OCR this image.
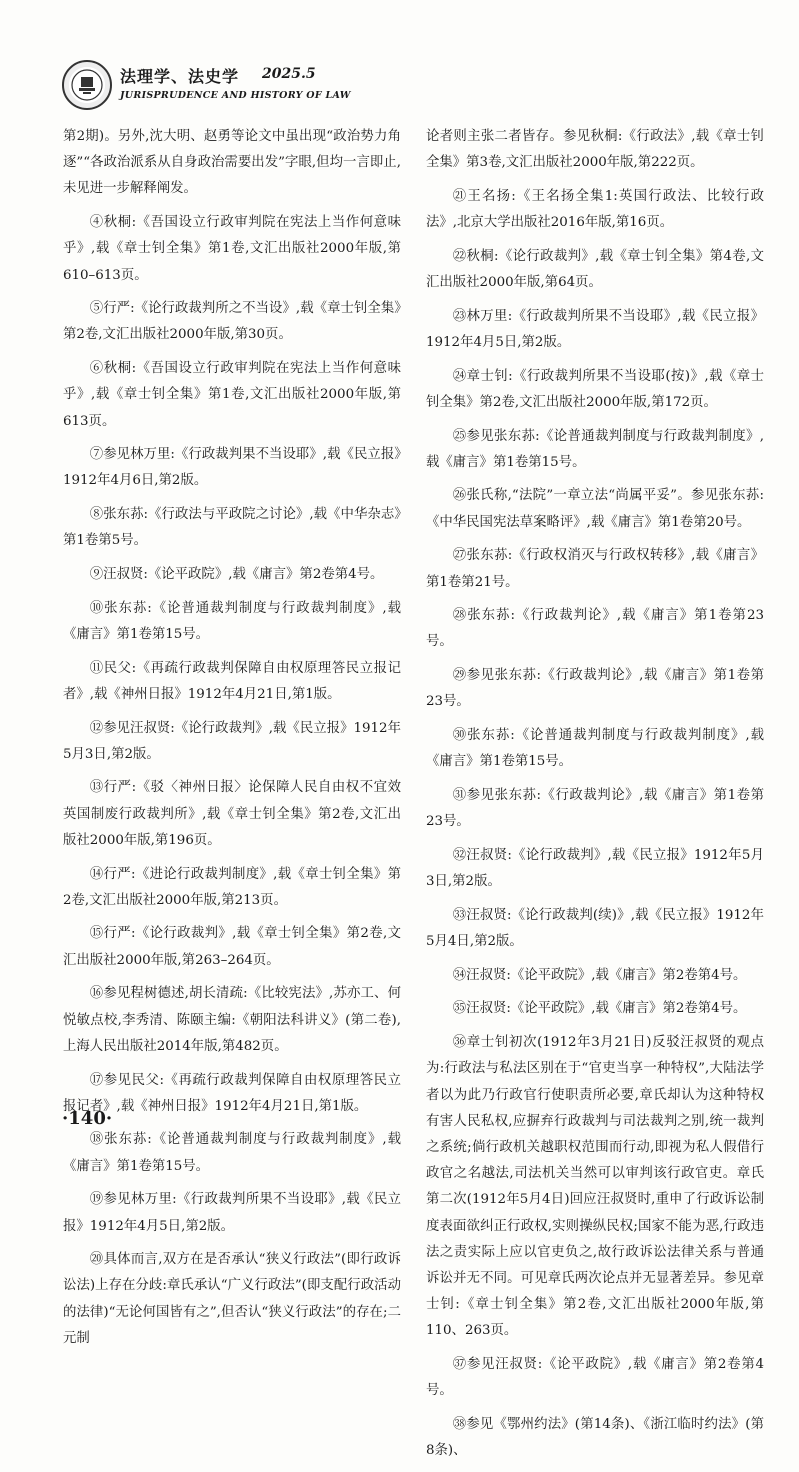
法理学、法史学 2025.5
JURISPRUDENCE AND HISTORY OF LAW

第2期)。另外,沈大明、赵勇等论文中虽出现“政治势力角逐”“各政治派系从自身政治需要出发”字眼,但均一言即止,未见进一步解释阐发。

④秋桐:《吾国设立行政审判院在宪法上当作何意味乎》,载《章士钊全集》第1卷,文汇出版社2000年版,第610–613页。

⑤行严:《论行政裁判所之不当设》,载《章士钊全集》第2卷,文汇出版社2000年版,第30页。

⑥秋桐:《吾国设立行政审判院在宪法上当作何意味乎》,载《章士钊全集》第1卷,文汇出版社2000年版,第613页。

⑦参见林万里:《行政裁判果不当设耶》,载《民立报》1912年4月6日,第2版。

⑧张东荪:《行政法与平政院之讨论》,载《中华杂志》第1卷第5号。

⑨汪叔贤:《论平政院》,载《庸言》第2卷第4号。

⑩张东荪:《论普通裁判制度与行政裁判制度》,载《庸言》第1卷第15号。

⑪民父:《再疏行政裁判保障自由权原理答民立报记者》,载《神州日报》1912年4月21日,第1版。

⑫参见汪叔贤:《论行政裁判》,载《民立报》1912年5月3日,第2版。

⑬行严:《驳〈神州日报〉论保障人民自由权不宜效英国制废行政裁判所》,载《章士钊全集》第2卷,文汇出版社2000年版,第196页。

⑭行严:《进论行政裁判制度》,载《章士钊全集》第2卷,文汇出版社2000年版,第213页。

⑮行严:《论行政裁判》,载《章士钊全集》第2卷,文汇出版社2000年版,第263–264页。

⑯参见程树德述,胡长清疏:《比较宪法》,苏亦工、何悦敏点校,李秀清、陈颐主编:《朝阳法科讲义》(第二卷),上海人民出版社2014年版,第482页。

⑰参见民父:《再疏行政裁判保障自由权原理答民立报记者》,载《神州日报》1912年4月21日,第1版。

⑱张东荪:《论普通裁判制度与行政裁判制度》,载《庸言》第1卷第15号。

⑲参见林万里:《行政裁判所果不当设耶》,载《民立报》1912年4月5日,第2版。

⑳具体而言,双方在是否承认“狭义行政法”(即行政诉讼法)上存在分歧:章氏承认“广义行政法”(即支配行政活动的法律)“无论何国皆有之”,但否认“狭义行政法”的存在;二元制

论者则主张二者皆存。参见秋桐:《行政法》,载《章士钊全集》第3卷,文汇出版社2000年版,第222页。

㉑王名扬:《王名扬全集1:英国行政法、比较行政法》,北京大学出版社2016年版,第16页。

㉒秋桐:《论行政裁判》,载《章士钊全集》第4卷,文汇出版社2000年版,第64页。

㉓林万里:《行政裁判所果不当设耶》,载《民立报》1912年4月5日,第2版。

㉔章士钊:《行政裁判所果不当设耶(按)》,载《章士钊全集》第2卷,文汇出版社2000年版,第172页。

㉕参见张东荪:《论普通裁判制度与行政裁判制度》,载《庸言》第1卷第15号。

㉖张氏称,“法院”一章立法“尚属平妥”。参见张东荪:《中华民国宪法草案略评》,载《庸言》第1卷第20号。

㉗张东荪:《行政权消灭与行政权转移》,载《庸言》第1卷第21号。

㉘张东荪:《行政裁判论》,载《庸言》第1卷第23号。

㉙参见张东荪:《行政裁判论》,载《庸言》第1卷第23号。

㉚张东荪:《论普通裁判制度与行政裁判制度》,载《庸言》第1卷第15号。

㉛参见张东荪:《行政裁判论》,载《庸言》第1卷第23号。

㉜汪叔贤:《论行政裁判》,载《民立报》1912年5月3日,第2版。

㉝汪叔贤:《论行政裁判(续)》,载《民立报》1912年5月4日,第2版。

㉞汪叔贤:《论平政院》,载《庸言》第2卷第4号。

㉟汪叔贤:《论平政院》,载《庸言》第2卷第4号。

㊱章士钊初次(1912年3月21日)反驳汪叔贤的观点为:行政法与私法区别在于“官吏当享一种特权”,大陆法学者以为此乃行政官行使职责所必要,章氏却认为这种特权有害人民私权,应摒弃行政裁判与司法裁判之别,统一裁判之系统;倘行政机关越职权范围而行动,即视为私人假借行政官之名越法,司法机关当然可以审判该行政官吏。章氏第二次(1912年5月4日)回应汪叔贤时,重申了行政诉讼制度表面欲纠正行政权,实则操纵民权;国家不能为恶,行政违法之责实际上应以官吏负之,故行政诉讼法律关系与普通诉讼并无不同。可见章氏两次论点并无显著差异。参见章士钊:《章士钊全集》第2卷,文汇出版社2000年版,第110、263页。

㊲参见汪叔贤:《论平政院》,载《庸言》第2卷第4号。

㊳参见《鄂州约法》(第14条)、《浙江临时约法》(第8条)、

·140·
